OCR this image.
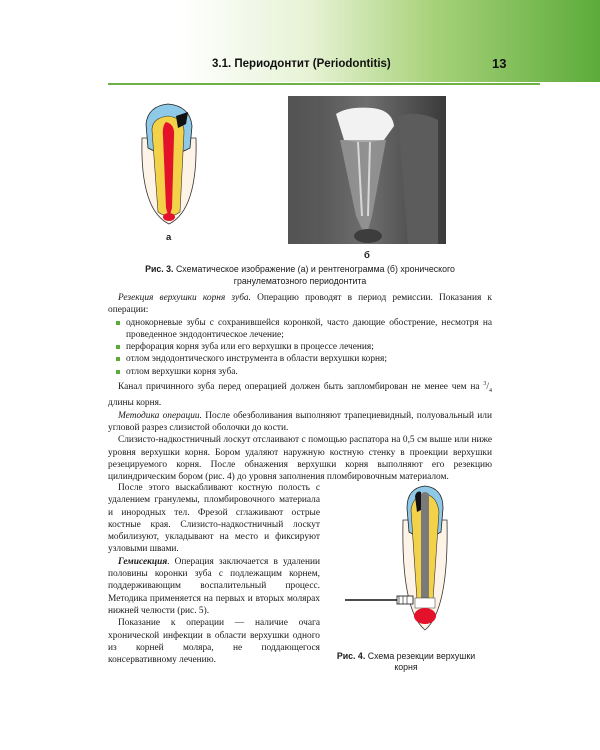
3.1. Периодонтит (Periodontitis)	13
а
б
Рис. 3. Схематическое изображение (а) и рентгенограмма (б) хронического гранулематозного периодонтита

Резекция верхушки корня зуба. Операцию проводят в период ремиссии. Показания к операции:

однокорневые зубы с сохранившейся коронкой, часто дающие обострение, несмотря на проведенное эндодонтическое лечение;
перфорация корня зуба или его верхушки в процессе лечения;
отлом эндодонтического инструмента в области верхушки корня;
отлом верхушки корня зуба.

Канал причинного зуба перед операцией должен быть запломбирован не менее чем на $^3/_4$ длины корня.

Методика операции. После обезболивания выполняют трапециевидный, полуовальный или угловой разрез слизистой оболочки до кости.

Слизисто-надкостничный лоскут отслаивают с помощью распатора на 0,5 см выше или ниже уровня верхушки корня. Бором удаляют наружную костную стенку в проекции верхушки резецируемого корня. После обнажения верхушки корня выполняют его резекцию цилиндрическим бором (рис. 4) до уровня заполнения пломбировочным материалом.

После этого выскабливают костную полость с удалением гранулемы, пломбировочного материала и инородных тел. Фрезой сглаживают острые костные края. Слизисто-надкостничный лоскут мобилизуют, укладывают на место и фиксируют узловыми швами.

Гемисекция. Операция заключается в удалении половины коронки зуба с подлежащим корнем, поддерживающим воспалительный процесс. Методика применяется на первых и вторых молярах нижней челюсти (рис. 5).

Показание к операции — наличие очага хронической инфекции в области верхушки одного из корней моляра, не поддающегося консервативному лечению.	Рис. 4. Схема резекции верхушки корня
